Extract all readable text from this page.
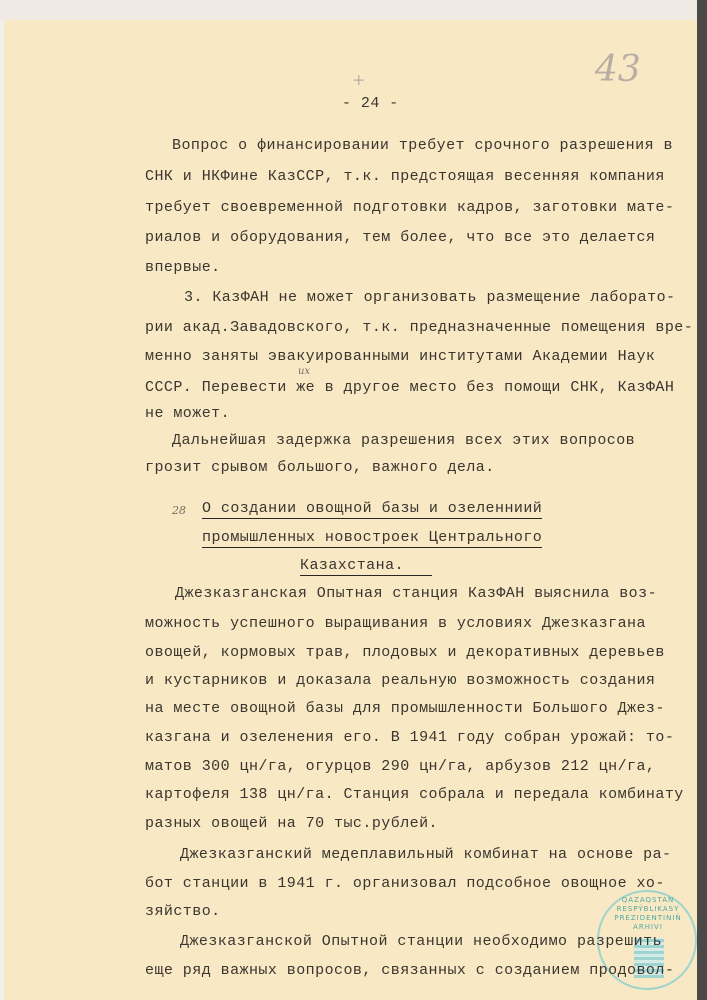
43
+
- 24 -
Вопрос о финансировании требует срочного разрешения в
СНК и НКФине КазССР, т.к. предстоящая весенняя компания
требует своевременной подготовки кадров, заготовки мате-
риалов и оборудования, тем более, что все это делается
впервые.
3. КазФАН не может организовать размещение лаборато-
рии акад.Завадовского, т.к. предназначенные помещения вре-
менно заняты эвакуированными институтами Академии Наук
их
СССР. Перевести же в другое место без помощи СНК, КазФАН
не может.
Дальнейшая задержка разрешения всех этих вопросов
грозит срывом большого, важного дела.
28 О создании овощной базы и озеленниий
промышленных новостроек Центрального
Казахстана.
Джезказганская Опытная станция КазФАН выяснила воз-
можность успешного выращивания в условиях Джезказгана
овощей, кормовых трав, плодовых и декоративных деревьев
и кустарников и доказала реальную возможность создания
на месте овощной базы для промышленности Большого Джез-
казгана и озеленения его. В 1941 году собран урожай: то-
матов 300 цн/га, огурцов 290 цн/га, арбузов 212 цн/га,
картофеля 138 цн/га. Станция собрала и передала комбинату
разных овощей на 70 тыс.рублей.
Джезказганский медеплавильный комбинат на основе ра-
бот станции в 1941 г. организовал подсобное овощное хо-
зяйство.
Джезказганской Опытной станции необходимо разрешить
еще ряд важных вопросов, связанных с созданием продовол-
QAZAQSTAN RESPÝBLIKASY PREZIDENTINIŃ ARHIVI
